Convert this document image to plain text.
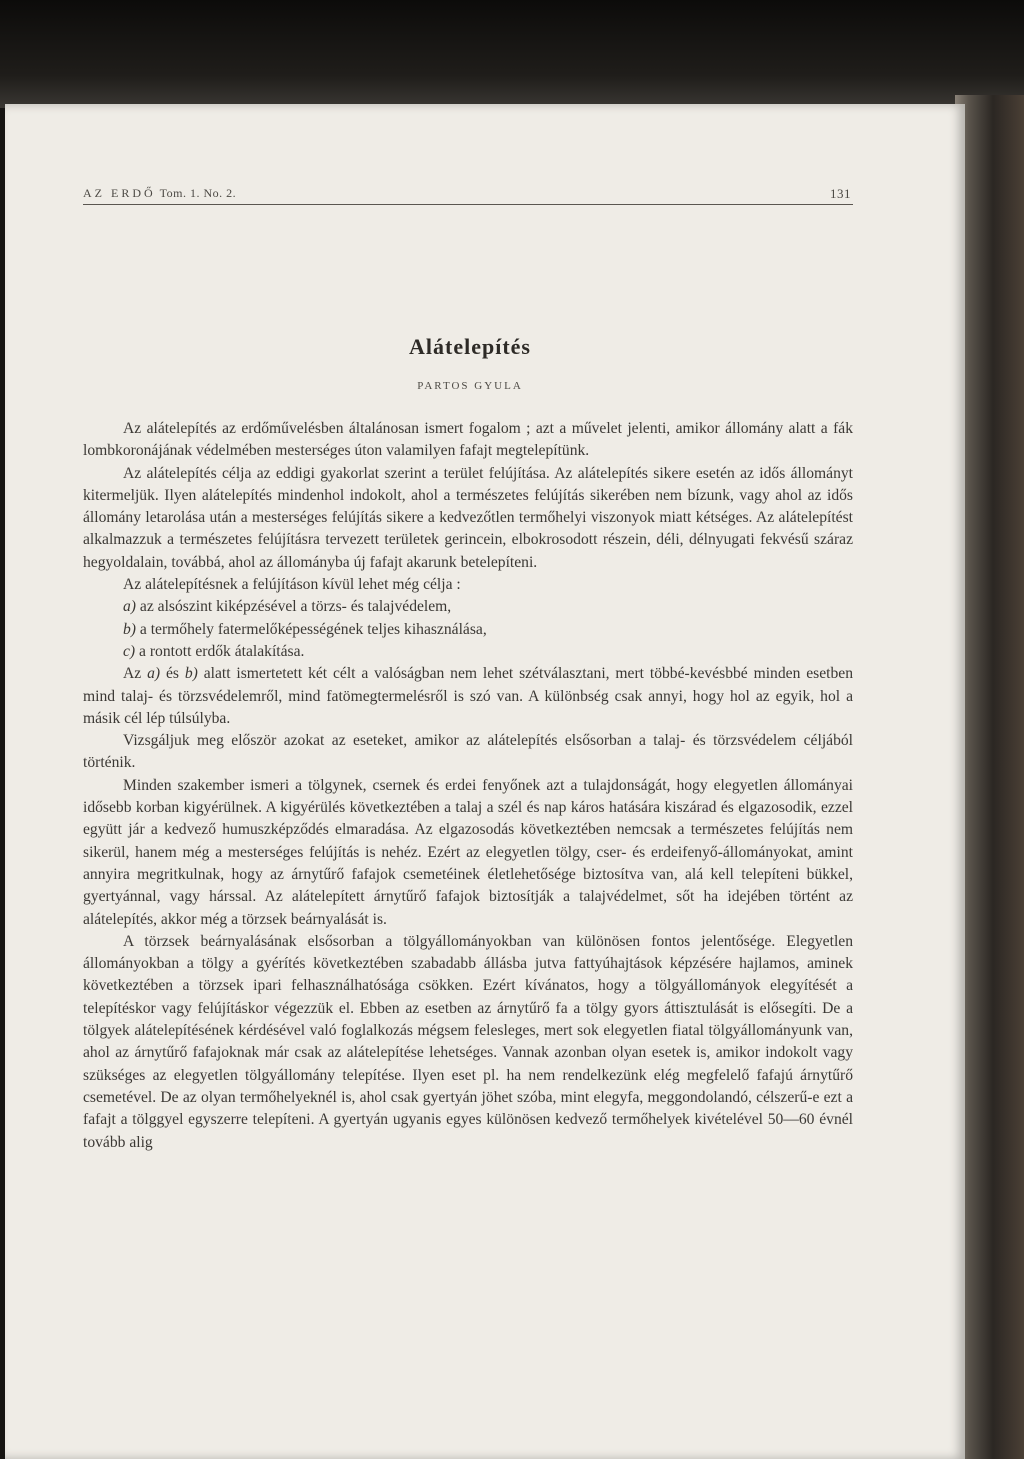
AZ ERDŐ Tom. 1. No. 2.	131
Alátelepítés
PARTOS GYULA

Az alátelepítés az erdőművelésben általánosan ismert fogalom ; azt a művelet jelenti, amikor állomány alatt a fák lombkoronájának védelmében mesterséges úton valamilyen fafajt megtelepítünk.

Az alátelepítés célja az eddigi gyakorlat szerint a terület felújítása. Az alátelepítés sikere esetén az idős állományt kitermeljük. Ilyen alátelepítés mindenhol indokolt, ahol a természetes felújítás sikerében nem bízunk, vagy ahol az idős állomány letarolása után a mesterséges felújítás sikere a kedvezőtlen termőhelyi viszonyok miatt kétséges. Az alátelepítést alkalmazzuk a természetes felújításra tervezett területek gerincein, elbokrosodott részein, déli, délnyugati fekvésű száraz hegyoldalain, továbbá, ahol az állományba új fafajt akarunk betelepíteni.

Az alátelepítésnek a felújításon kívül lehet még célja :

a) az alsószint kiképzésével a törzs- és talajvédelem,

b) a termőhely fatermelőképességének teljes kihasználása,

c) a rontott erdők átalakítása.

Az a) és b) alatt ismertetett két célt a valóságban nem lehet szétválasztani, mert többé-kevésbbé minden esetben mind talaj- és törzsvédelemről, mind fatömegtermelésről is szó van. A különbség csak annyi, hogy hol az egyik, hol a másik cél lép túlsúlyba.

Vizsgáljuk meg először azokat az eseteket, amikor az alátelepítés elsősorban a talaj- és törzsvédelem céljából történik.

Minden szakember ismeri a tölgynek, csernek és erdei fenyőnek azt a tulajdonságát, hogy elegyetlen állományai idősebb korban kigyérülnek. A kigyérülés következtében a talaj a szél és nap káros hatására kiszárad és elgazosodik, ezzel együtt jár a kedvező humuszképződés elmaradása. Az elgazosodás következtében nemcsak a természetes felújítás nem sikerül, hanem még a mesterséges felújítás is nehéz. Ezért az elegyetlen tölgy, cser- és erdeifenyő-állományokat, amint annyira megritkulnak, hogy az árnytűrő fafajok csemetéinek életlehetősége biztosítva van, alá kell telepíteni bükkel, gyertyánnal, vagy hárssal. Az alátelepített árnytűrő fafajok biztosítják a talajvédelmet, sőt ha idejében történt az alátelepítés, akkor még a törzsek beárnyalását is.

A törzsek beárnyalásának elsősorban a tölgyállományokban van különösen fontos jelentősége. Elegyetlen állományokban a tölgy a gyérítés következtében szabadabb állásba jutva fattyúhajtások képzésére hajlamos, aminek következtében a törzsek ipari felhasználhatósága csökken. Ezért kívánatos, hogy a tölgyállományok elegyítését a telepítéskor vagy felújításkor végezzük el. Ebben az esetben az árnytűrő fa a tölgy gyors áttisztulását is elősegíti. De a tölgyek alátelepítésének kérdésével való foglalkozás mégsem felesleges, mert sok elegyetlen fiatal tölgyállományunk van, ahol az árnytűrő fafajoknak már csak az alátelepítése lehetséges. Vannak azonban olyan esetek is, amikor indokolt vagy szükséges az elegyetlen tölgyállomány telepítése. Ilyen eset pl. ha nem rendelkezünk elég megfelelő fafajú árnytűrő csemetével. De az olyan termőhelyeknél is, ahol csak gyertyán jöhet szóba, mint elegyfa, meggondolandó, célszerű-e ezt a fafajt a tölggyel egyszerre telepíteni. A gyertyán ugyanis egyes különösen kedvező termőhelyek kivételével 50—60 évnél tovább alig
